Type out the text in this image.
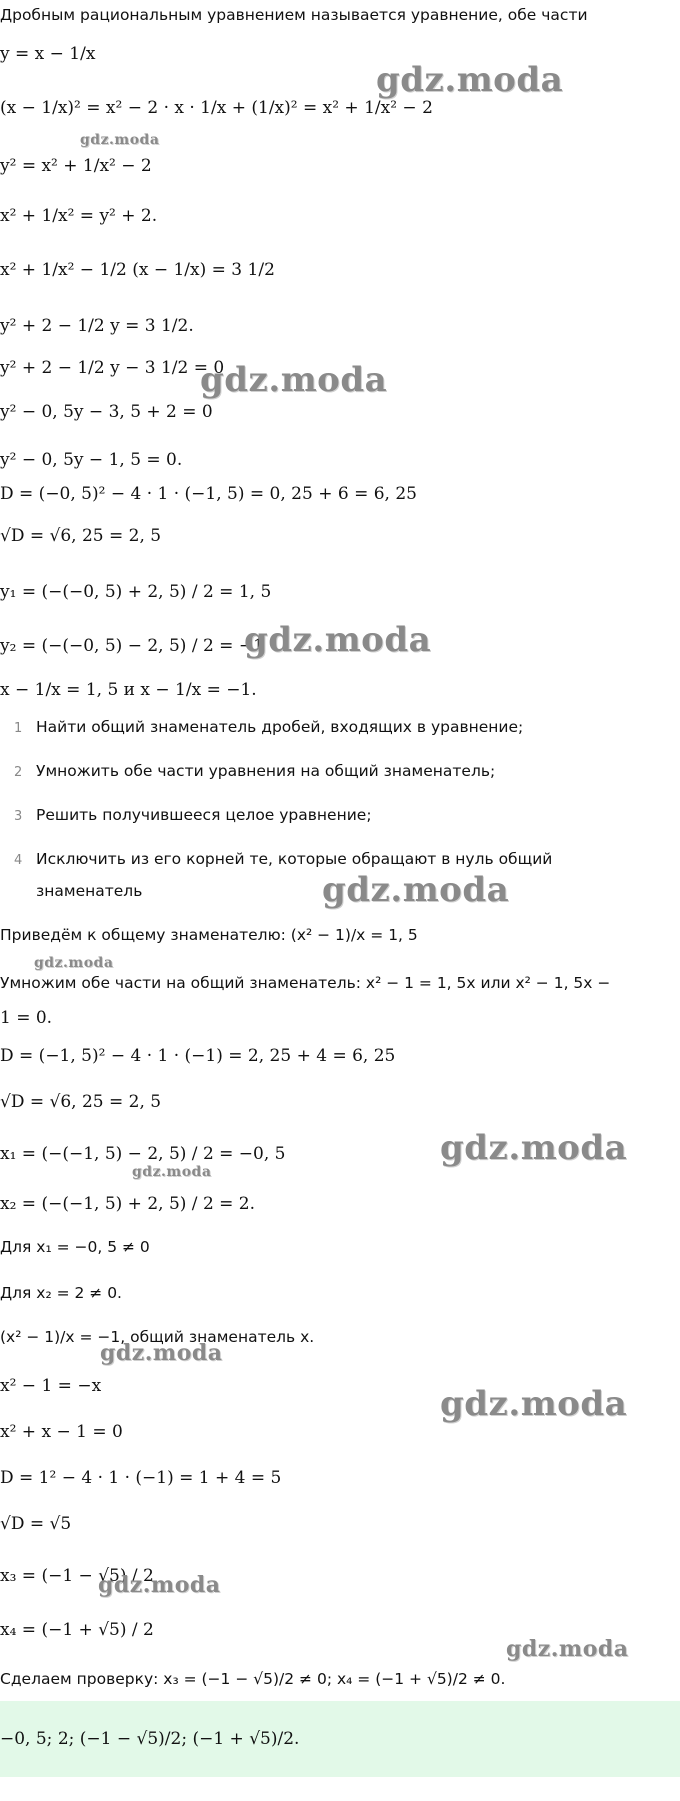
Дробным рациональным уравнением называется уравнение, обе части
y = x − 1/x
(x − 1/x)² = x² − 2 · x · 1/x + (1/x)² = x² + 1/x² − 2
y² = x² + 1/x² − 2
x² + 1/x² = y² + 2.
x² + 1/x² − 1/2 (x − 1/x) = 3 1/2
y² + 2 − 1/2 y = 3 1/2.
y² + 2 − 1/2 y − 3 1/2 = 0
y² − 0, 5y − 3, 5 + 2 = 0
y² − 0, 5y − 1, 5 = 0.
D = (−0, 5)² − 4 · 1 · (−1, 5) = 0, 25 + 6 = 6, 25
√D = √6, 25 = 2, 5
y₁ = (−(−0, 5) + 2, 5) / 2 = 1, 5
y₂ = (−(−0, 5) − 2, 5) / 2 = −1
x − 1/x = 1, 5 и x − 1/x = −1.
1 Найти общий знаменатель дробей, входящих в уравнение;
2 Умножить обе части уравнения на общий знаменатель;
3 Решить получившееся целое уравнение;
4 Исключить из его корней те, которые обращают в нуль общий
знаменатель
Приведём к общему знаменателю: (x² − 1)/x = 1, 5
Умножим обе части на общий знаменатель: x² − 1 = 1, 5x или x² − 1, 5x −
1 = 0.
D = (−1, 5)² − 4 · 1 · (−1) = 2, 25 + 4 = 6, 25
√D = √6, 25 = 2, 5
x₁ = (−(−1, 5) − 2, 5) / 2 = −0, 5
x₂ = (−(−1, 5) + 2, 5) / 2 = 2.
Для x₁ = −0, 5 ≠ 0
Для x₂ = 2 ≠ 0.
(x² − 1)/x = −1, общий знаменатель x.
x² − 1 = −x
x² + x − 1 = 0
D = 1² − 4 · 1 · (−1) = 1 + 4 = 5
√D = √5
x₃ = (−1 − √5) / 2
x₄ = (−1 + √5) / 2
Сделаем проверку: x₃ = (−1 − √5)/2 ≠ 0; x₄ = (−1 + √5)/2 ≠ 0.
−0, 5; 2; (−1 − √5)/2; (−1 + √5)/2.
gdz.moda
gdz.moda
gdz.moda
gdz.moda
gdz.moda
gdz.moda
gdz.moda
gdz.moda
gdz.moda
gdz.moda
gdz.moda
gdz.moda
